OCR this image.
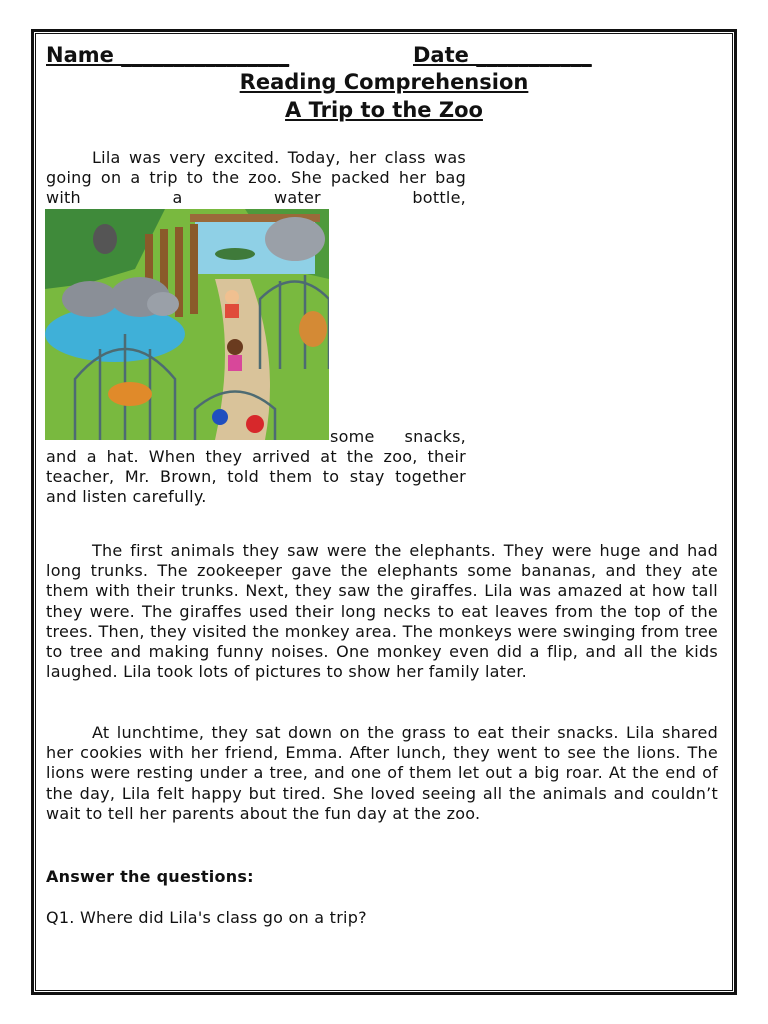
Name ________________	Date ___________
Reading Comprehension
A Trip to the Zoo

Lila was very excited. Today, her class was going on a trip to the zoo. She packed her bag with a water bottle,

some snacks,

and a hat. When they arrived at the zoo, their teacher, Mr. Brown, told them to stay together and listen carefully.

The first animals they saw were the elephants. They were huge and had long trunks. The zookeeper gave the elephants some bananas, and they ate them with their trunks. Next, they saw the giraffes. Lila was amazed at how tall they were. The giraffes used their long necks to eat leaves from the top of the trees. Then, they visited the monkey area. The monkeys were swinging from tree to tree and making funny noises. One monkey even did a flip, and all the kids laughed. Lila took lots of pictures to show her family later.

At lunchtime, they sat down on the grass to eat their snacks. Lila shared her cookies with her friend, Emma. After lunch, they went to see the lions. The lions were resting under a tree, and one of them let out a big roar. At the end of the day, Lila felt happy but tired. She loved seeing all the animals and couldn’t wait to tell her parents about the fun day at the zoo.

Answer the questions:
Q1. Where did Lila's class go on a trip?
